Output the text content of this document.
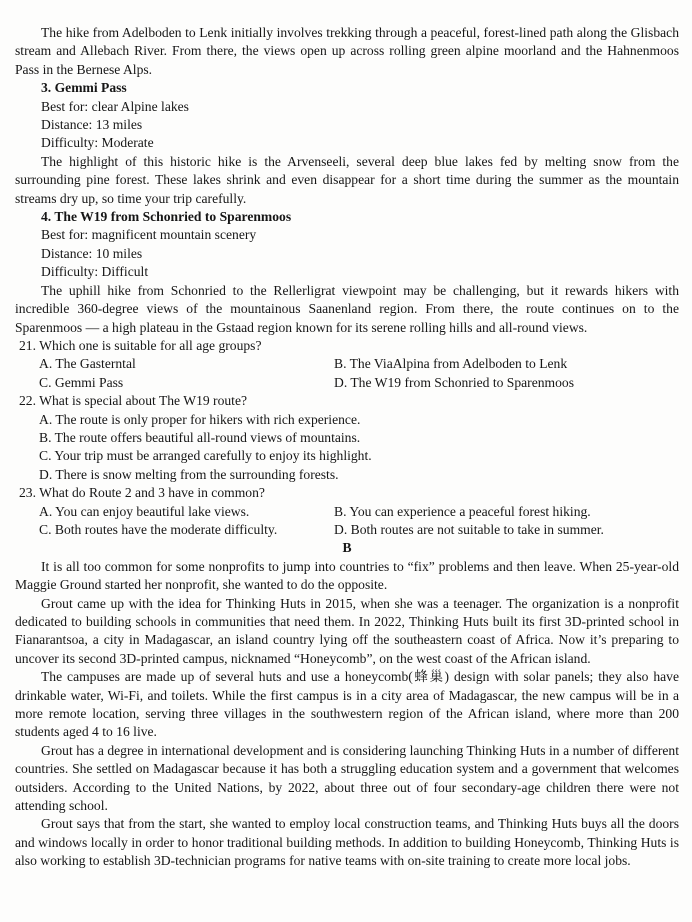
The hike from Adelboden to Lenk initially involves trekking through a peaceful, forest-lined path along the Glisbach stream and Allebach River. From there, the views open up across rolling green alpine moorland and the Hahnenmoos Pass in the Bernese Alps.

3. Gemmi Pass

Best for: clear Alpine lakes

Distance: 13 miles

Difficulty: Moderate

The highlight of this historic hike is the Arvenseeli, several deep blue lakes fed by melting snow from the surrounding pine forest. These lakes shrink and even disappear for a short time during the summer as the mountain streams dry up, so time your trip carefully.

4. The W19 from Schonried to Sparenmoos

Best for: magnificent mountain scenery

Distance: 10 miles

Difficulty: Difficult

The uphill hike from Schonried to the Rellerligrat viewpoint may be challenging, but it rewards hikers with incredible 360-degree views of the mountainous Saanenland region. From there, the route continues on to the Sparenmoos — a high plateau in the Gstaad region known for its serene rolling hills and all-round views.

21. Which one is suitable for all age groups?

A. The Gasterntal	B. The ViaAlpina from Adelboden to Lenk
C. Gemmi Pass	D. The W19 from Schonried to Sparenmoos

22. What is special about The W19 route?

A. The route is only proper for hikers with rich experience.

B. The route offers beautiful all-round views of mountains.

C. Your trip must be arranged carefully to enjoy its highlight.

D. There is snow melting from the surrounding forests.

23. What do Route 2 and 3 have in common?

A. You can enjoy beautiful lake views.	B. You can experience a peaceful forest hiking.
C. Both routes have the moderate difficulty.	D. Both routes are not suitable to take in summer.

B

It is all too common for some nonprofits to jump into countries to “fix” problems and then leave. When 25-year-old Maggie Ground started her nonprofit, she wanted to do the opposite.

Grout came up with the idea for Thinking Huts in 2015, when she was a teenager. The organization is a nonprofit dedicated to building schools in communities that need them. In 2022, Thinking Huts built its first 3D-printed school in Fianarantsoa, a city in Madagascar, an island country lying off the southeastern coast of Africa. Now it’s preparing to uncover its second 3D-printed campus, nicknamed “Honeycomb”, on the west coast of the African island.

The campuses are made up of several huts and use a honeycomb(蜂巢) design with solar panels; they also have drinkable water, Wi-Fi, and toilets. While the first campus is in a city area of Madagascar, the new campus will be in a more remote location, serving three villages in the southwestern region of the African island, where more than 200 students aged 4 to 16 live.

Grout has a degree in international development and is considering launching Thinking Huts in a number of different countries. She settled on Madagascar because it has both a struggling education system and a government that welcomes outsiders. According to the United Nations, by 2022, about three out of four secondary-age children there were not attending school.

Grout says that from the start, she wanted to employ local construction teams, and Thinking Huts buys all the doors and windows locally in order to honor traditional building methods. In addition to building Honeycomb, Thinking Huts is also working to establish 3D-technician programs for native teams with on-site training to create more local jobs.
